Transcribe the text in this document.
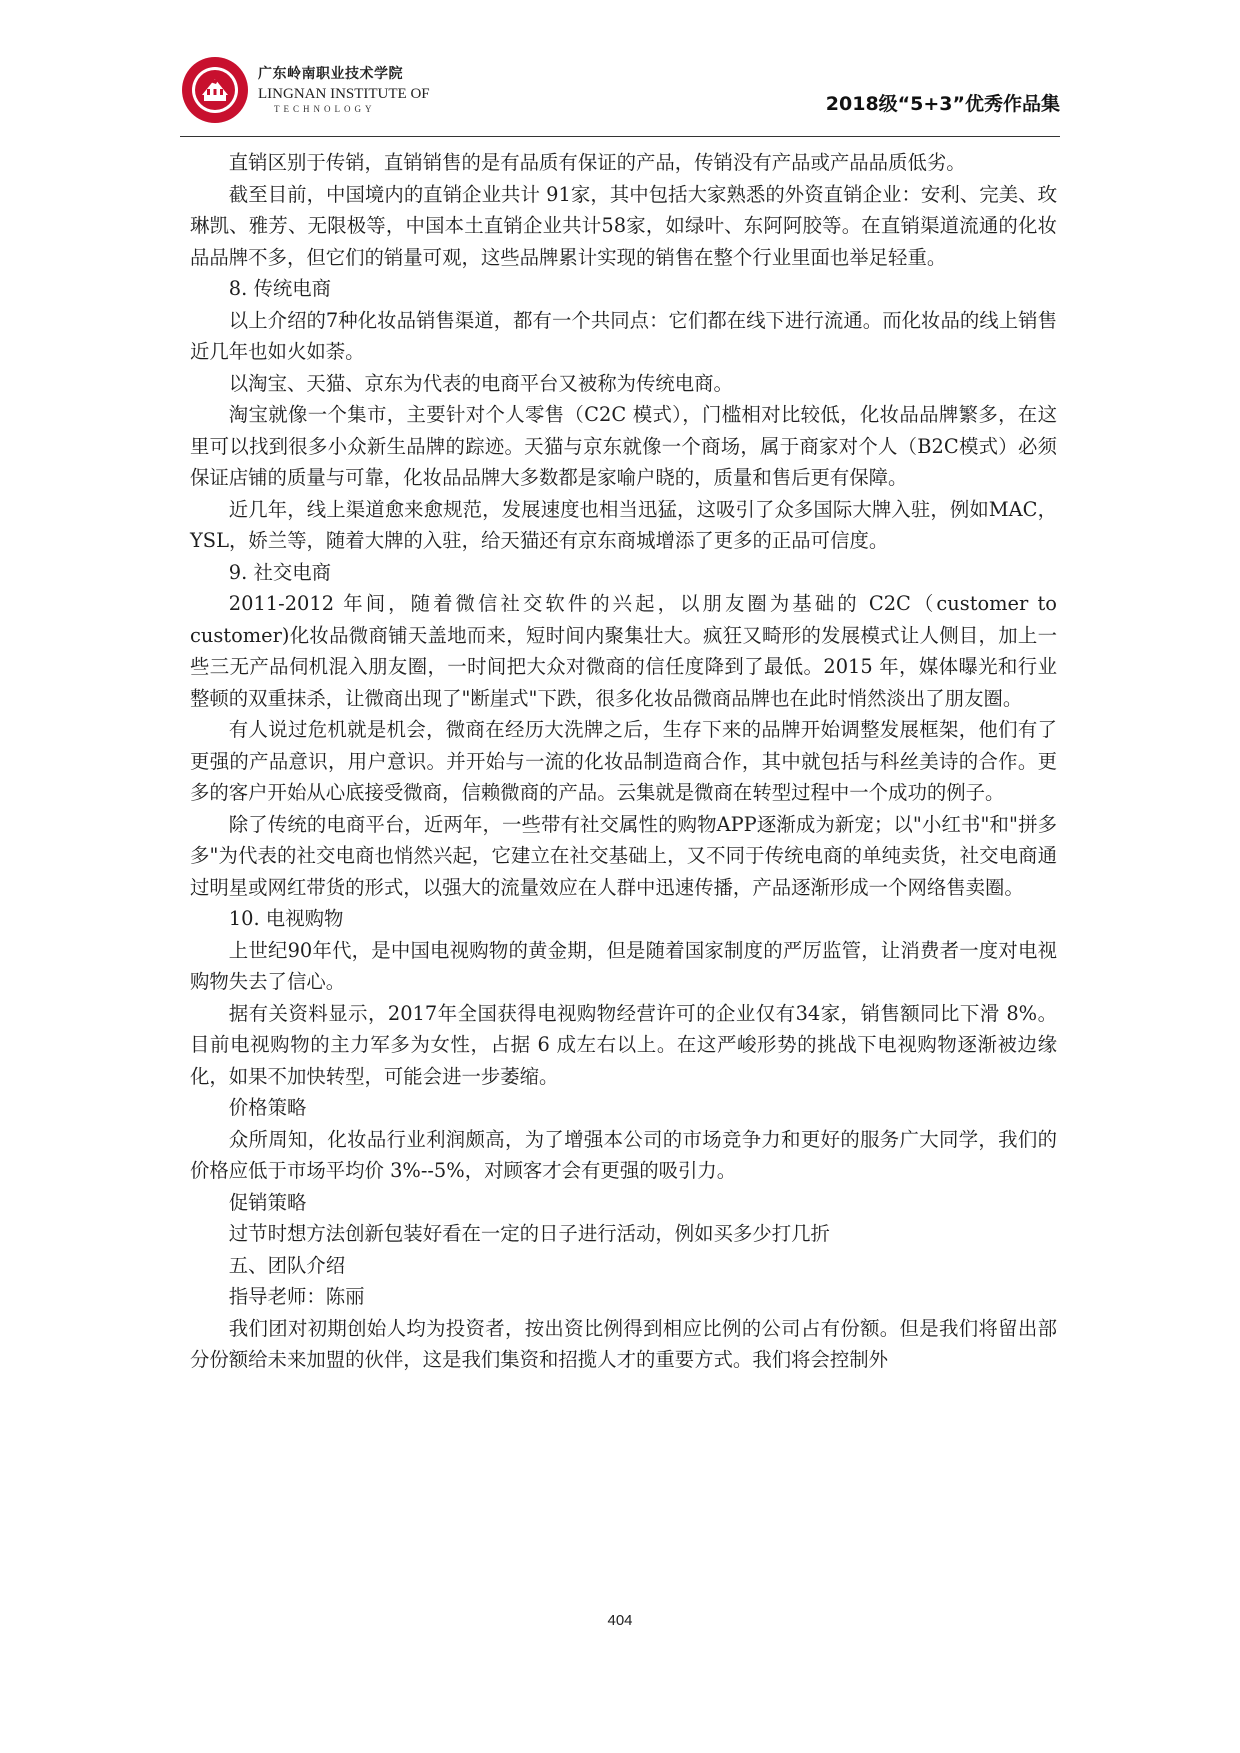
广东岭南职业技术学院
LINGNAN INSTITUTE OF
TECHNOLOGY	2018级“5+3”优秀作品集

直销区别于传销，直销销售的是有品质有保证的产品，传销没有产品或产品品质低劣。

截至目前，中国境内的直销企业共计 91家，其中包括大家熟悉的外资直销企业：安利、完美、玫琳凯、雅芳、无限极等，中国本土直销企业共计58家，如绿叶、东阿阿胶等。在直销渠道流通的化妆品品牌不多，但它们的销量可观，这些品牌累计实现的销售在整个行业里面也举足轻重。

8. 传统电商

以上介绍的7种化妆品销售渠道，都有一个共同点：它们都在线下进行流通。而化妆品的线上销售近几年也如火如荼。

以淘宝、天猫、京东为代表的电商平台又被称为传统电商。

淘宝就像一个集市，主要针对个人零售（C2C 模式），门槛相对比较低，化妆品品牌繁多，在这里可以找到很多小众新生品牌的踪迹。天猫与京东就像一个商场，属于商家对个人（B2C模式）必须保证店铺的质量与可靠，化妆品品牌大多数都是家喻户晓的，质量和售后更有保障。

近几年，线上渠道愈来愈规范，发展速度也相当迅猛，这吸引了众多国际大牌入驻，例如MAC，YSL，娇兰等，随着大牌的入驻，给天猫还有京东商城增添了更多的正品可信度。

9. 社交电商

2011-2012 年间，随着微信社交软件的兴起，以朋友圈为基础的 C2C（customer to customer)化妆品微商铺天盖地而来，短时间内聚集壮大。疯狂又畸形的发展模式让人侧目，加上一些三无产品伺机混入朋友圈，一时间把大众对微商的信任度降到了最低。2015 年，媒体曝光和行业整顿的双重抹杀，让微商出现了"断崖式"下跌，很多化妆品微商品牌也在此时悄然淡出了朋友圈。

有人说过危机就是机会，微商在经历大洗牌之后，生存下来的品牌开始调整发展框架，他们有了更强的产品意识，用户意识。并开始与一流的化妆品制造商合作，其中就包括与科丝美诗的合作。更多的客户开始从心底接受微商，信赖微商的产品。云集就是微商在转型过程中一个成功的例子。

除了传统的电商平台，近两年，一些带有社交属性的购物APP逐渐成为新宠；以"小红书"和"拼多多"为代表的社交电商也悄然兴起，它建立在社交基础上，又不同于传统电商的单纯卖货，社交电商通过明星或网红带货的形式，以强大的流量效应在人群中迅速传播，产品逐渐形成一个网络售卖圈。

10. 电视购物

上世纪90年代，是中国电视购物的黄金期，但是随着国家制度的严厉监管，让消费者一度对电视购物失去了信心。

据有关资料显示，2017年全国获得电视购物经营许可的企业仅有34家，销售额同比下滑 8%。目前电视购物的主力军多为女性，占据 6 成左右以上。在这严峻形势的挑战下电视购物逐渐被边缘化，如果不加快转型，可能会进一步萎缩。

价格策略

众所周知，化妆品行业利润颇高，为了增强本公司的市场竞争力和更好的服务广大同学，我们的价格应低于市场平均价 3%--5%，对顾客才会有更强的吸引力。

促销策略

过节时想方法创新包装好看在一定的日子进行活动，例如买多少打几折

五、团队介绍

指导老师：陈丽

我们团对初期创始人均为投资者，按出资比例得到相应比例的公司占有份额。但是我们将留出部分份额给未来加盟的伙伴，这是我们集资和招揽人才的重要方式。我们将会控制外

404
